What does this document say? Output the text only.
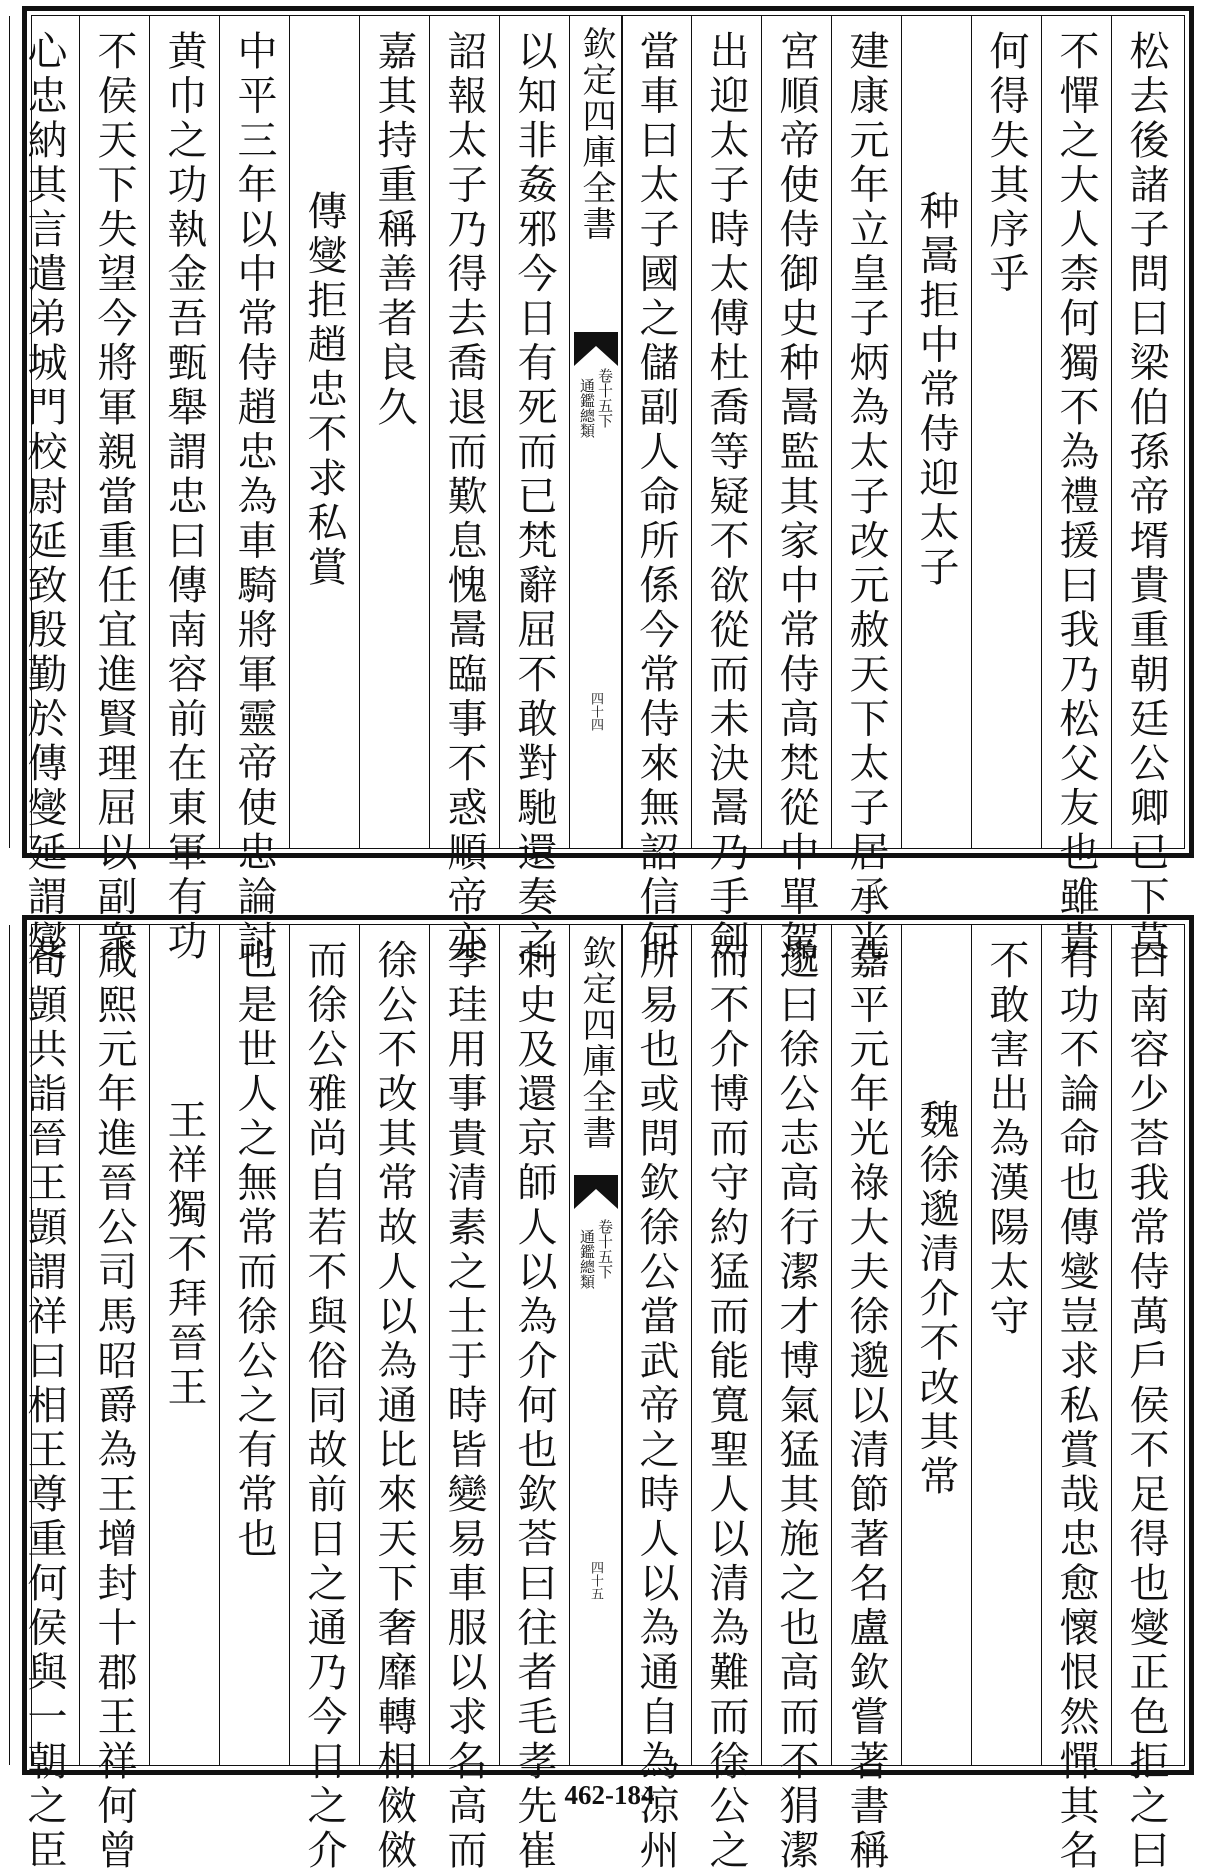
松去後諸子問曰梁伯孫帝壻貴重朝廷公卿已下莫
不憚之大人柰何獨不為禮援曰我乃松父友也雖貴
何得失其序乎
种暠拒中常侍迎太子
建康元年立皇子炳為太子改元赦天下太子居承光
宮順帝使侍御史种暠監其家中常侍高梵從中單駕
出迎太子時太傅杜喬等疑不欲從而未決暠乃手劍
當車曰太子國之儲副人命所係今常侍來無詔信何
以知非姦邪今日有死而已梵辭屈不敢對馳還奏之
詔報太子乃得去喬退而歎息愧暠臨事不惑順帝亦
嘉其持重稱善者良久
傳燮拒趙忠不求私賞
中平三年以中常侍趙忠為車騎將軍靈帝使忠論討
黄巾之功執金吾甄舉謂忠曰傳南容前在東軍有功
不侯天下失望今將軍親當重任宜進賢理屈以副衆
心忠納其言遣弟城門校尉延致殷勤於傳燮延謂燮	欽定四庫全書
通鑑總類 卷十五下
四十四
曰南容少荅我常侍萬戶侯不足得也燮正色拒之曰
有功不論命也傳燮豈求私賞哉忠愈懷恨然憚其名
不敢害出為漢陽太守
魏徐邈清介不改其常
嘉平元年光祿大夫徐邈以清節著名盧欽嘗著書稱
邈曰徐公志高行潔才博氣猛其施之也高而不狷潔
而不介博而守約猛而能寬聖人以清為難而徐公之
所易也或問欽徐公當武帝之時人以為通自為涼州
刺史及還京師人以為介何也欽荅曰往者毛孝先崔
季珪用事貴清素之士于時皆變易車服以求名高而
徐公不改其常故人以為通比來天下奢靡轉相傚傚
而徐公雅尚自若不與俗同故前日之通乃今日之介
也是世人之無常而徐公之有常也
王祥獨不拜晉王
咸熙元年進晉公司馬昭爵為王增封十郡王祥何曾
荀顗共詣晉王顗謂祥曰相王尊重何侯與一朝之臣	欽定四庫全書
通鑑總類 卷十五下
四十五
462-184
